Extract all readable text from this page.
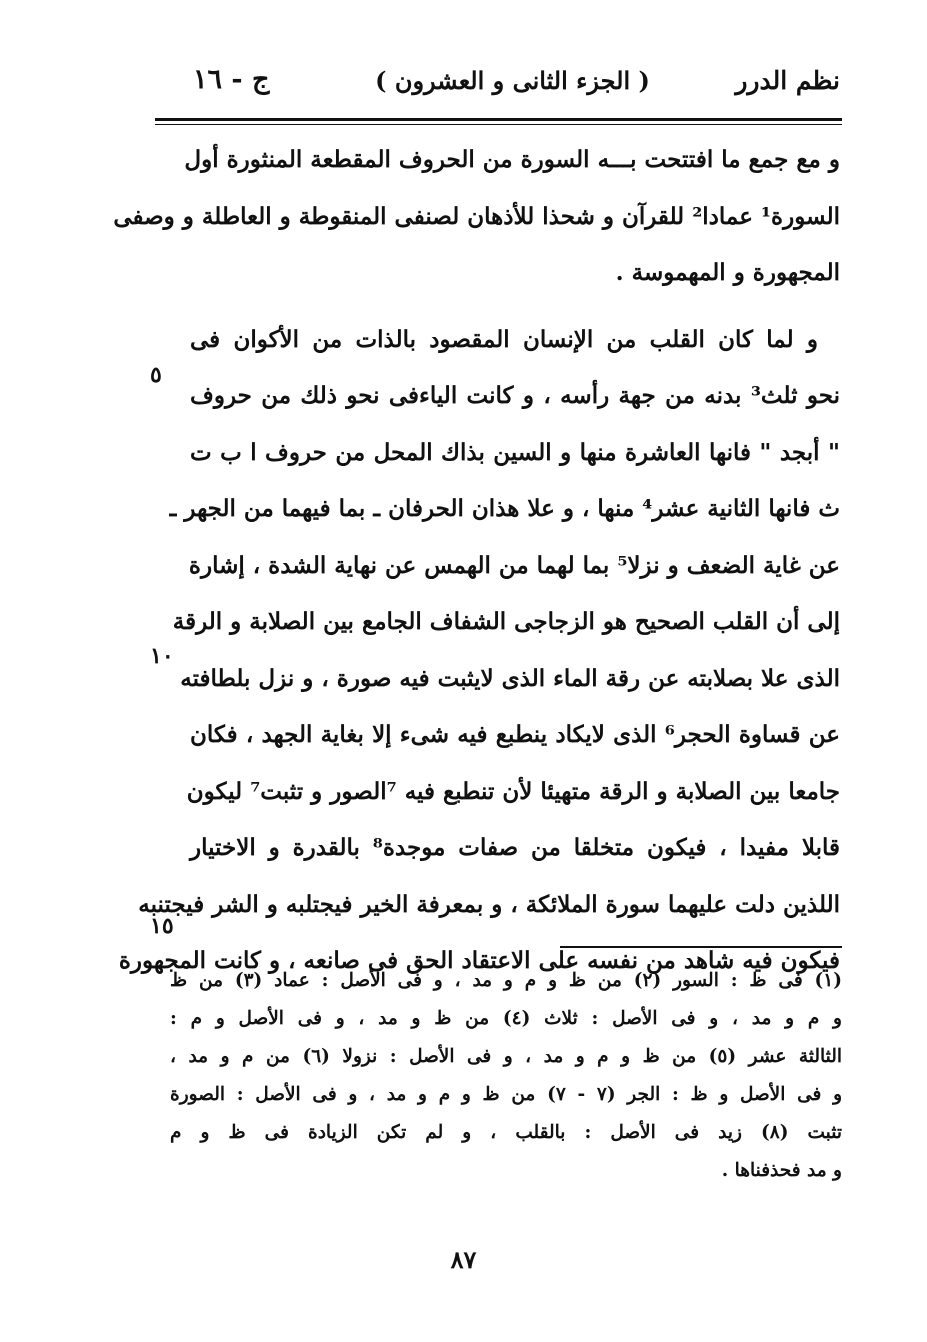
نظم الدرر
( الجزء الثانی و العشرون )
ج - ١٦
و مع جمع ما افتتحت بـــه السورة من الحروف المقطعة المنثورة أول
السورة¹ عمادا² للقرآن و شحذا للأذهان لصنفى المنقوطة و العاطلة و وصفى
المجهورة و المهموسة .
و لما كان القلب من الإنسان المقصود بالذات من الأكوان فی
نحو ثلث³ بدنه من جهة رأسه ، و كانت الياءفی نحو ذلك من حروف
" أبجد " فانها العاشرة منها و السين بذاك المحل من حروف ا ب ت
ث فانها الثانية عشر⁴ منها ، و علا هذان الحرفان ـ بما فيهما من الجهر ـ
عن غاية الضعف و نزلا⁵ بما لهما من الهمس عن نهاية الشدة ، إشارة
إلى أن القلب الصحيح هو الزجاجی الشفاف الجامع بين الصلابة و الرقة
الذی علا بصلابته عن رقة الماء الذی لايثبت فيه صورة ، و نزل بلطافته
عن قساوة الحجر⁶ الذی لايكاد ينطبع فيه شیء إلا بغاية الجهد ، فكان
جامعا بين الصلابة و الرقة متهيئا لأن تنطبع فيه ⁷الصور و تثبت⁷ ليكون
قابلا مفيدا ، فيكون متخلقا من صفات موجدة⁸ بالقدرة و الاختيار
اللذين دلت عليهما سورة الملائكة ، و بمعرفة الخير فيجتلبه و الشر فيجتنبه
فيكون فيه شاهد من نفسه على الاعتقاد الحق فی صانعه ، و كانت المجهورة
٥
١٠
١٥
(١) فی ظ : السور (٢) من ظ و م و مد ، و فی الأصل : عماد (٣) من ظ
و م و مد ، و فی الأصل : ثلاث (٤) من ظ و مد ، و فی الأصل و م :
الثالثة عشر (٥) من ظ و م و مد ، و فی الأصل : نزولا (٦) من م و مد ،
و فی الأصل و ظ : الجر (٧ - ٧) من ظ و م و مد ، و فی الأصل : الصورة
تثبت (٨) زيد فی الأصل : بالقلب ، و لم تكن الزيادة فی ظ و م
و مد فحذفناها .
٨٧
